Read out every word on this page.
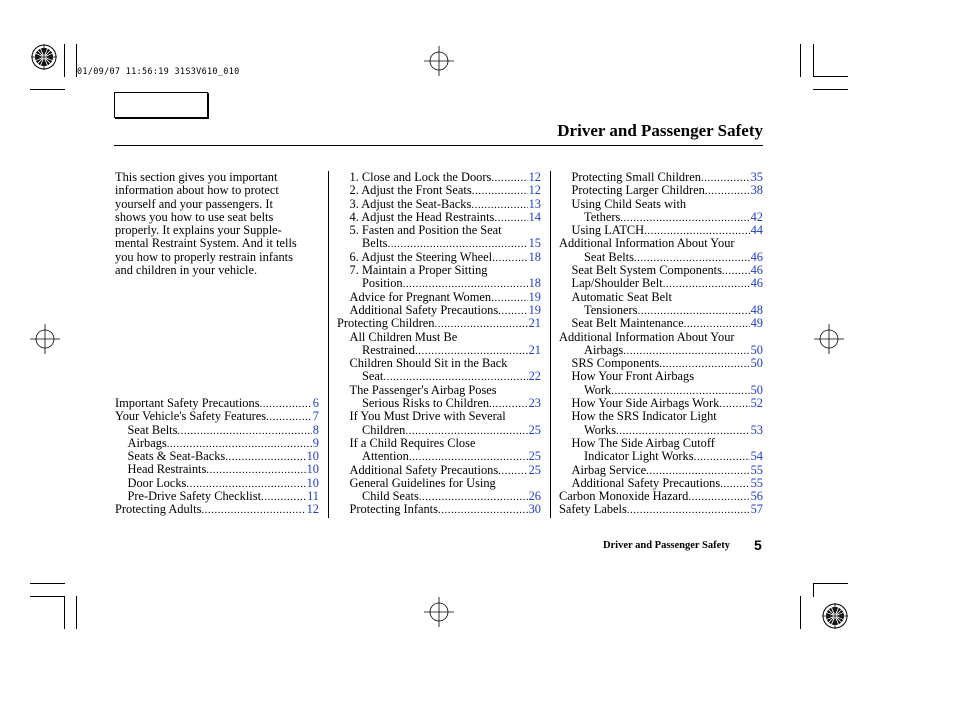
01/09/07 11:56:19 31S3V610_010
Driver and Passenger Safety
This section gives you important
information about how to protect
yourself and your passengers. It
shows you how to use seat belts
properly. It explains your Supple-
mental Restraint System. And it tells
you how to properly restrain infants
and children in your vehicle.
Important Safety Precautions .....	6
Your Vehicle's Safety Features .....	7
Seat Belts .....	8
Airbags .....	9
Seats & Seat-Backs .....	10
Head Restraints .....	10
Door Locks .....	10
Pre-Drive Safety Checklist .....	11
Protecting Adults .....	12
1. Close and Lock the Doors .....	12
2. Adjust the Front Seats .....	12
3. Adjust the Seat-Backs .....	13
4. Adjust the Head Restraints .....	14
5. Fasten and Position the Seat
Belts .....	15
6. Adjust the Steering Wheel .....	18
7. Maintain a Proper Sitting
Position .....	18
Advice for Pregnant Women .....	19
Additional Safety Precautions ..... 19
Protecting Children .....	21
All Children Must Be
Restrained .....	21
Children Should Sit in the Back
Seat .....	22
The Passenger's Airbag Poses
Serious Risks to Children .....	23
If You Must Drive with Several
Children .....	25
If a Child Requires Close
Attention .....	25
Additional Safety Precautions ..... 25
General Guidelines for Using
Child Seats .....	26
Protecting Infants .....	30
Protecting Small Children .....	35
Protecting Larger Children .....	38
Using Child Seats with
Tethers .....	42
Using LATCH .....	44
Additional Information About Your
Seat Belts .....	46
Seat Belt System Components ..... 46
Lap/Shoulder Belt .....	46
Automatic Seat Belt
Tensioners .....	48
Seat Belt Maintenance .....	49
Additional Information About Your
Airbags .....	50
SRS Components .....	50
How Your Front Airbags
Work .....	50
How Your Side Airbags Work .....	52
How the SRS Indicator Light
Works .....	53
How The Side Airbag Cutoff
Indicator Light Works .....	54
Airbag Service .....	55
Additional Safety Precautions ..... 55
Carbon Monoxide Hazard .....	56
Safety Labels .....	57
Driver and Passenger Safety 5
